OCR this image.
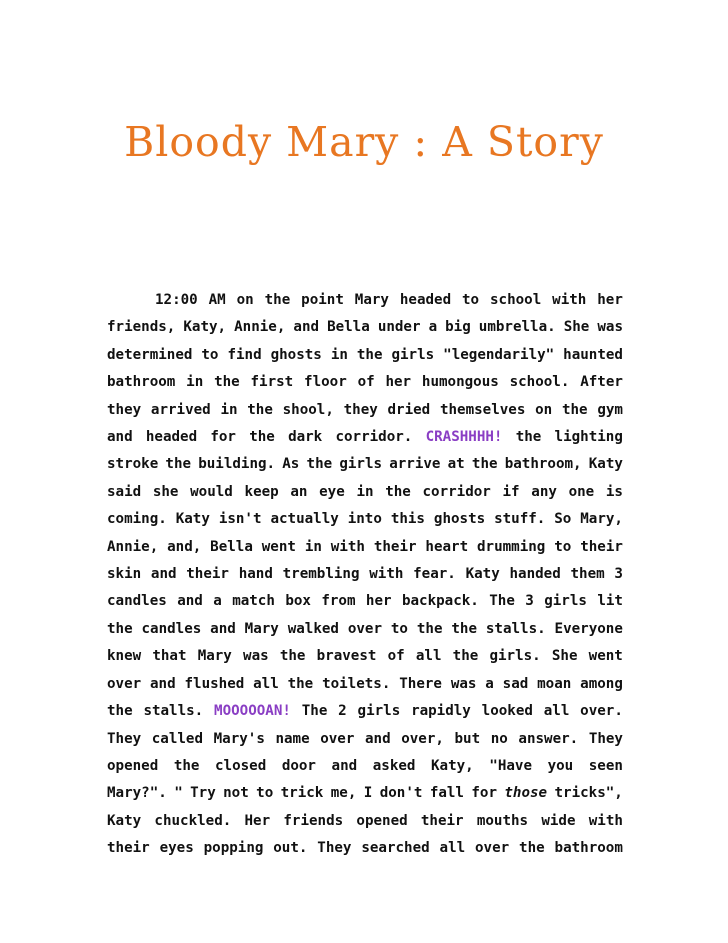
Bloody Mary : A Story
12:00 AM on the point Mary headed to school with her
friends, Katy, Annie, and Bella under a big umbrella. She was
determined to find ghosts in the girls "legendarily" haunted
bathroom in the first floor of her humongous school. After
they arrived in the shool, they dried themselves on the gym
and headed for the dark corridor. CRASHHHH! the lighting
stroke the building. As the girls arrive at the bathroom, Katy
said she would keep an eye in the corridor if any one is
coming. Katy isn't actually into this ghosts stuff. So Mary,
Annie, and, Bella went in with their heart drumming to their
skin and their hand trembling with fear. Katy handed them 3
candles and a match box from her backpack. The 3 girls lit
the candles and Mary walked over to the the stalls. Everyone
knew that Mary was the bravest of all the girls. She went
over and flushed all the toilets. There was a sad moan among
the stalls. MOOOOOAN! The 2 girls rapidly looked all over.
They called Mary's name over and over, but no answer. They
opened the closed door and asked Katy, "Have you seen
Mary?". " Try not to trick me, I don't fall for those tricks",
Katy chuckled. Her friends opened their mouths wide with
their eyes popping out. They searched all over the bathroom
